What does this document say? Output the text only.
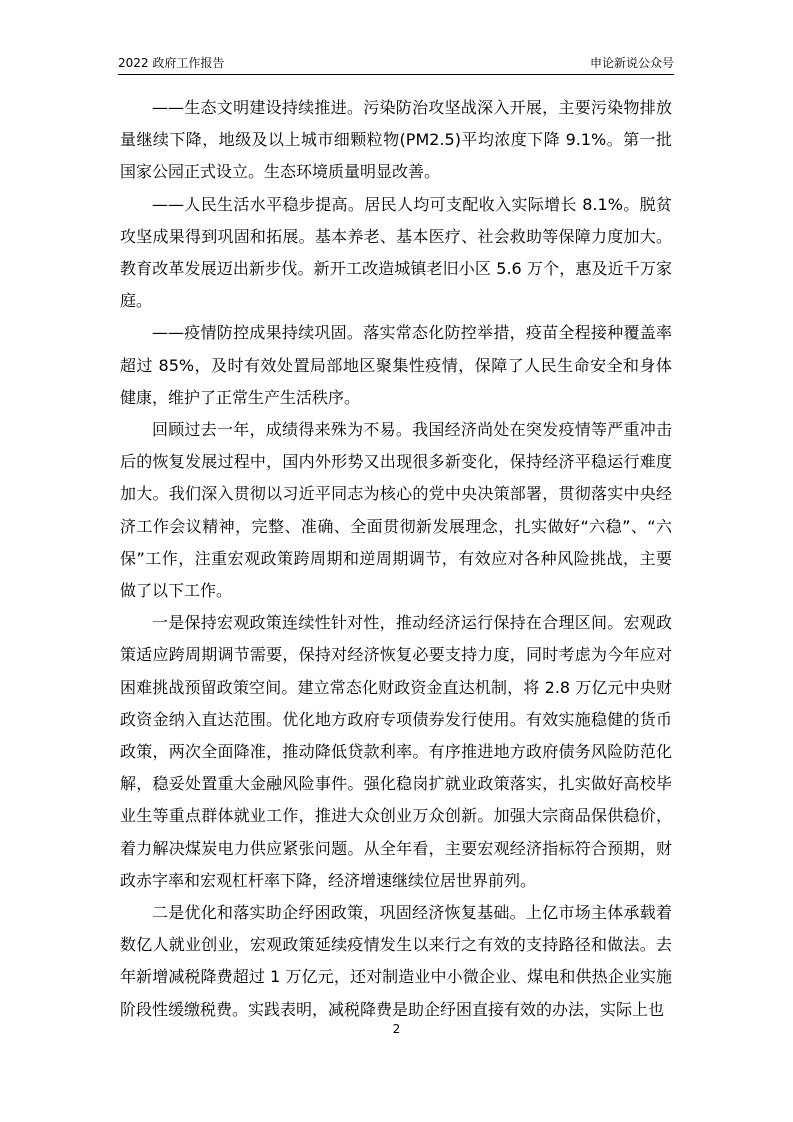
2022 政府工作报告	申论新说公众号

——生态文明建设持续推进。污染防治攻坚战深入开展，主要污染物排放量继续下降，地级及以上城市细颗粒物(PM2.5)平均浓度下降 9.1%。第一批国家公园正式设立。生态环境质量明显改善。

——人民生活水平稳步提高。居民人均可支配收入实际增长 8.1%。脱贫攻坚成果得到巩固和拓展。基本养老、基本医疗、社会救助等保障力度加大。教育改革发展迈出新步伐。新开工改造城镇老旧小区 5.6 万个，惠及近千万家庭。

——疫情防控成果持续巩固。落实常态化防控举措，疫苗全程接种覆盖率超过 85%，及时有效处置局部地区聚集性疫情，保障了人民生命安全和身体健康，维护了正常生产生活秩序。

回顾过去一年，成绩得来殊为不易。我国经济尚处在突发疫情等严重冲击后的恢复发展过程中，国内外形势又出现很多新变化，保持经济平稳运行难度加大。我们深入贯彻以习近平同志为核心的党中央决策部署，贯彻落实中央经济工作会议精神，完整、准确、全面贯彻新发展理念，扎实做好“六稳”、“六保”工作，注重宏观政策跨周期和逆周期调节，有效应对各种风险挑战，主要做了以下工作。

一是保持宏观政策连续性针对性，推动经济运行保持在合理区间。宏观政策适应跨周期调节需要，保持对经济恢复必要支持力度，同时考虑为今年应对困难挑战预留政策空间。建立常态化财政资金直达机制，将 2.8 万亿元中央财政资金纳入直达范围。优化地方政府专项债券发行使用。有效实施稳健的货币政策，两次全面降准，推动降低贷款利率。有序推进地方政府债务风险防范化解，稳妥处置重大金融风险事件。强化稳岗扩就业政策落实，扎实做好高校毕业生等重点群体就业工作，推进大众创业万众创新。加强大宗商品保供稳价，着力解决煤炭电力供应紧张问题。从全年看，主要宏观经济指标符合预期，财政赤字率和宏观杠杆率下降，经济增速继续位居世界前列。

二是优化和落实助企纾困政策，巩固经济恢复基础。上亿市场主体承载着数亿人就业创业，宏观政策延续疫情发生以来行之有效的支持路径和做法。去年新增减税降费超过 1 万亿元，还对制造业中小微企业、煤电和供热企业实施阶段性缓缴税费。实践表明，减税降费是助企纾困直接有效的办法，实际上也

2
